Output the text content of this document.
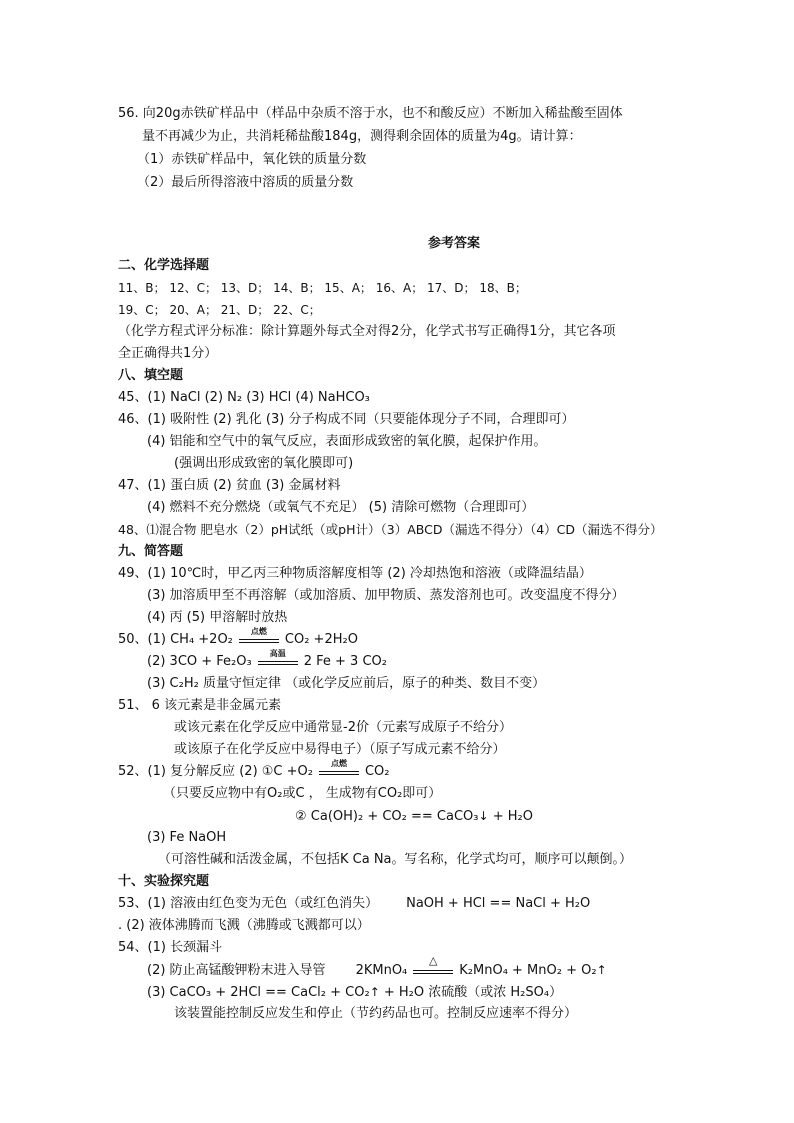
56. 向20g赤铁矿样品中（样品中杂质不溶于水，也不和酸反应）不断加入稀盐酸至固体
量不再减少为止，共消耗稀盐酸184g，测得剩余固体的质量为4g。请计算：
（1）赤铁矿样品中，氧化铁的质量分数
（2）最后所得溶液中溶质的质量分数
参考答案
二、化学选择题
11、B； 12、C； 13、D； 14、B； 15、A； 16、A； 17、D； 18、B；
19、C； 20、A； 21、D； 22、C；
（化学方程式评分标准：除计算题外每式全对得2分，化学式书写正确得1分，其它各项
全正确得共1分）
八、填空题
45、(1) NaCl (2) N₂ (3) HCl (4) NaHCO₃
46、(1) 吸附性 (2) 乳化 (3) 分子构成不同（只要能体现分子不同，合理即可）
(4) 铝能和空气中的氧气反应，表面形成致密的氧化膜，起保护作用。
(强调出形成致密的氧化膜即可)
47、(1) 蛋白质 (2) 贫血 (3) 金属材料
(4) 燃料不充分燃烧（或氧气不充足） (5) 清除可燃物（合理即可）
48、⑴混合物 肥皂水（2）pH试纸（或pH计）（3）ABCD（漏选不得分）（4）CD（漏选不得分）
九、简答题
49、(1) 10℃时，甲乙丙三种物质溶解度相等 (2) 冷却热饱和溶液（或降温结晶）
(3) 加溶质甲至不再溶解（或加溶质、加甲物质、蒸发溶剂也可。改变温度不得分）
(4) 丙 (5) 甲溶解时放热
50、(1) CH₄ +2O₂
点燃
CO₂ +2H₂O
(2) 3CO + Fe₂O₃
高温
2 Fe + 3 CO₂
(3) C₂H₂ 质量守恒定律 （或化学反应前后，原子的种类、数目不变）
51、 6 该元素是非金属元素
或该元素在化学反应中通常显-2价（元素写成原子不给分）
或该原子在化学反应中易得电子）（原子写成元素不给分）
52、(1) 复分解反应 (2) ①C +O₂
点燃
CO₂
（只要反应物中有O₂或C ， 生成物有CO₂即可）
② Ca(OH)₂ + CO₂ == CaCO₃↓ + H₂O
(3) Fe NaOH
（可溶性碱和活泼金属，不包括K Ca Na。写名称，化学式均可，顺序可以颠倒。）
十、实验探究题
53、(1) 溶液由红色变为无色（或红色消失） NaOH + HCl == NaCl + H₂O
. (2) 液体沸腾而飞溅（沸腾或飞溅都可以）
54、(1) 长颈漏斗
(2) 防止高锰酸钾粉末进入导管 2KMnO₄
△
K₂MnO₄ + MnO₂ + O₂↑
(3) CaCO₃ + 2HCl == CaCl₂ + CO₂↑ + H₂O 浓硫酸（或浓 H₂SO₄）
该装置能控制反应发生和停止（节约药品也可。控制反应速率不得分）
